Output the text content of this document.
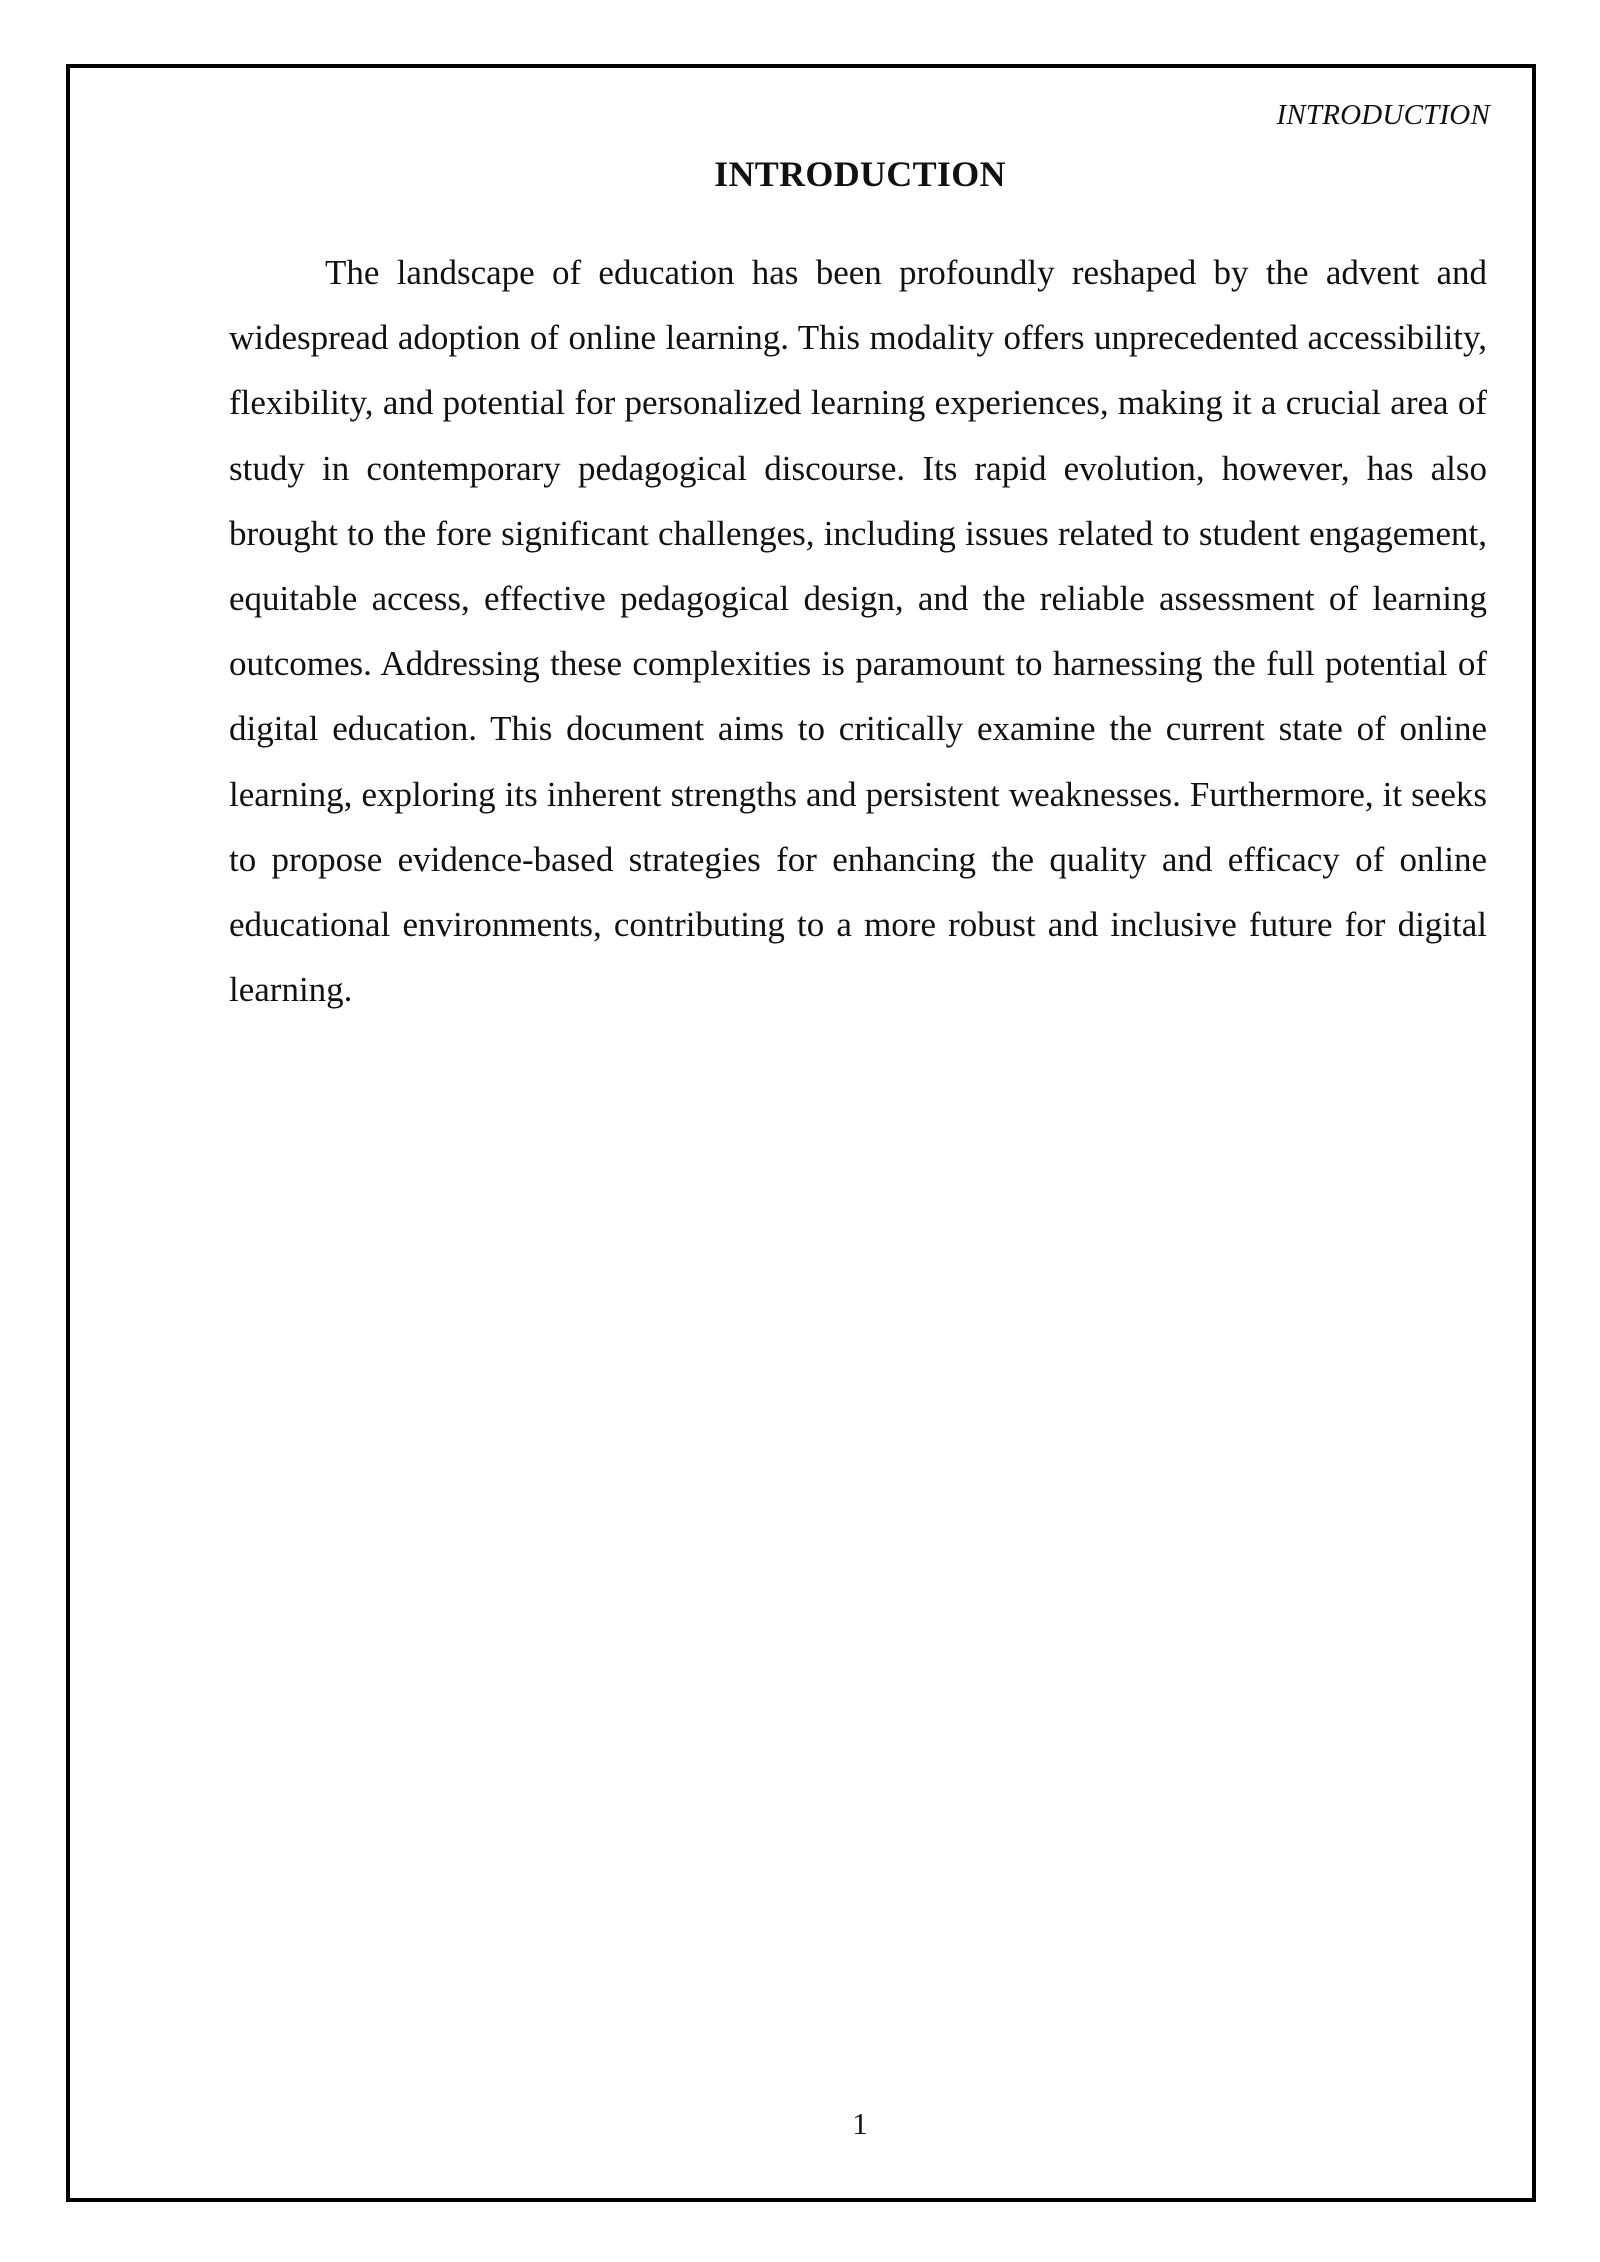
INTRODUCTION
INTRODUCTION

The landscape of education has been profoundly reshaped by the advent and widespread adoption of online learning. This modality offers unprecedented accessibility, flexibility, and potential for personalized learning experiences, making it a crucial area of study in contemporary pedagogical discourse. Its rapid evolution, however, has also brought to the fore significant challenges, including issues related to student engagement, equitable access, effective pedagogical design, and the reliable assessment of learning outcomes. Addressing these complexities is paramount to harnessing the full potential of digital education. This document aims to critically examine the current state of online learning, exploring its inherent strengths and persistent weaknesses. Furthermore, it seeks to propose evidence-based strategies for enhancing the quality and efficacy of online educational environments, contributing to a more robust and inclusive future for digital learning.

1
